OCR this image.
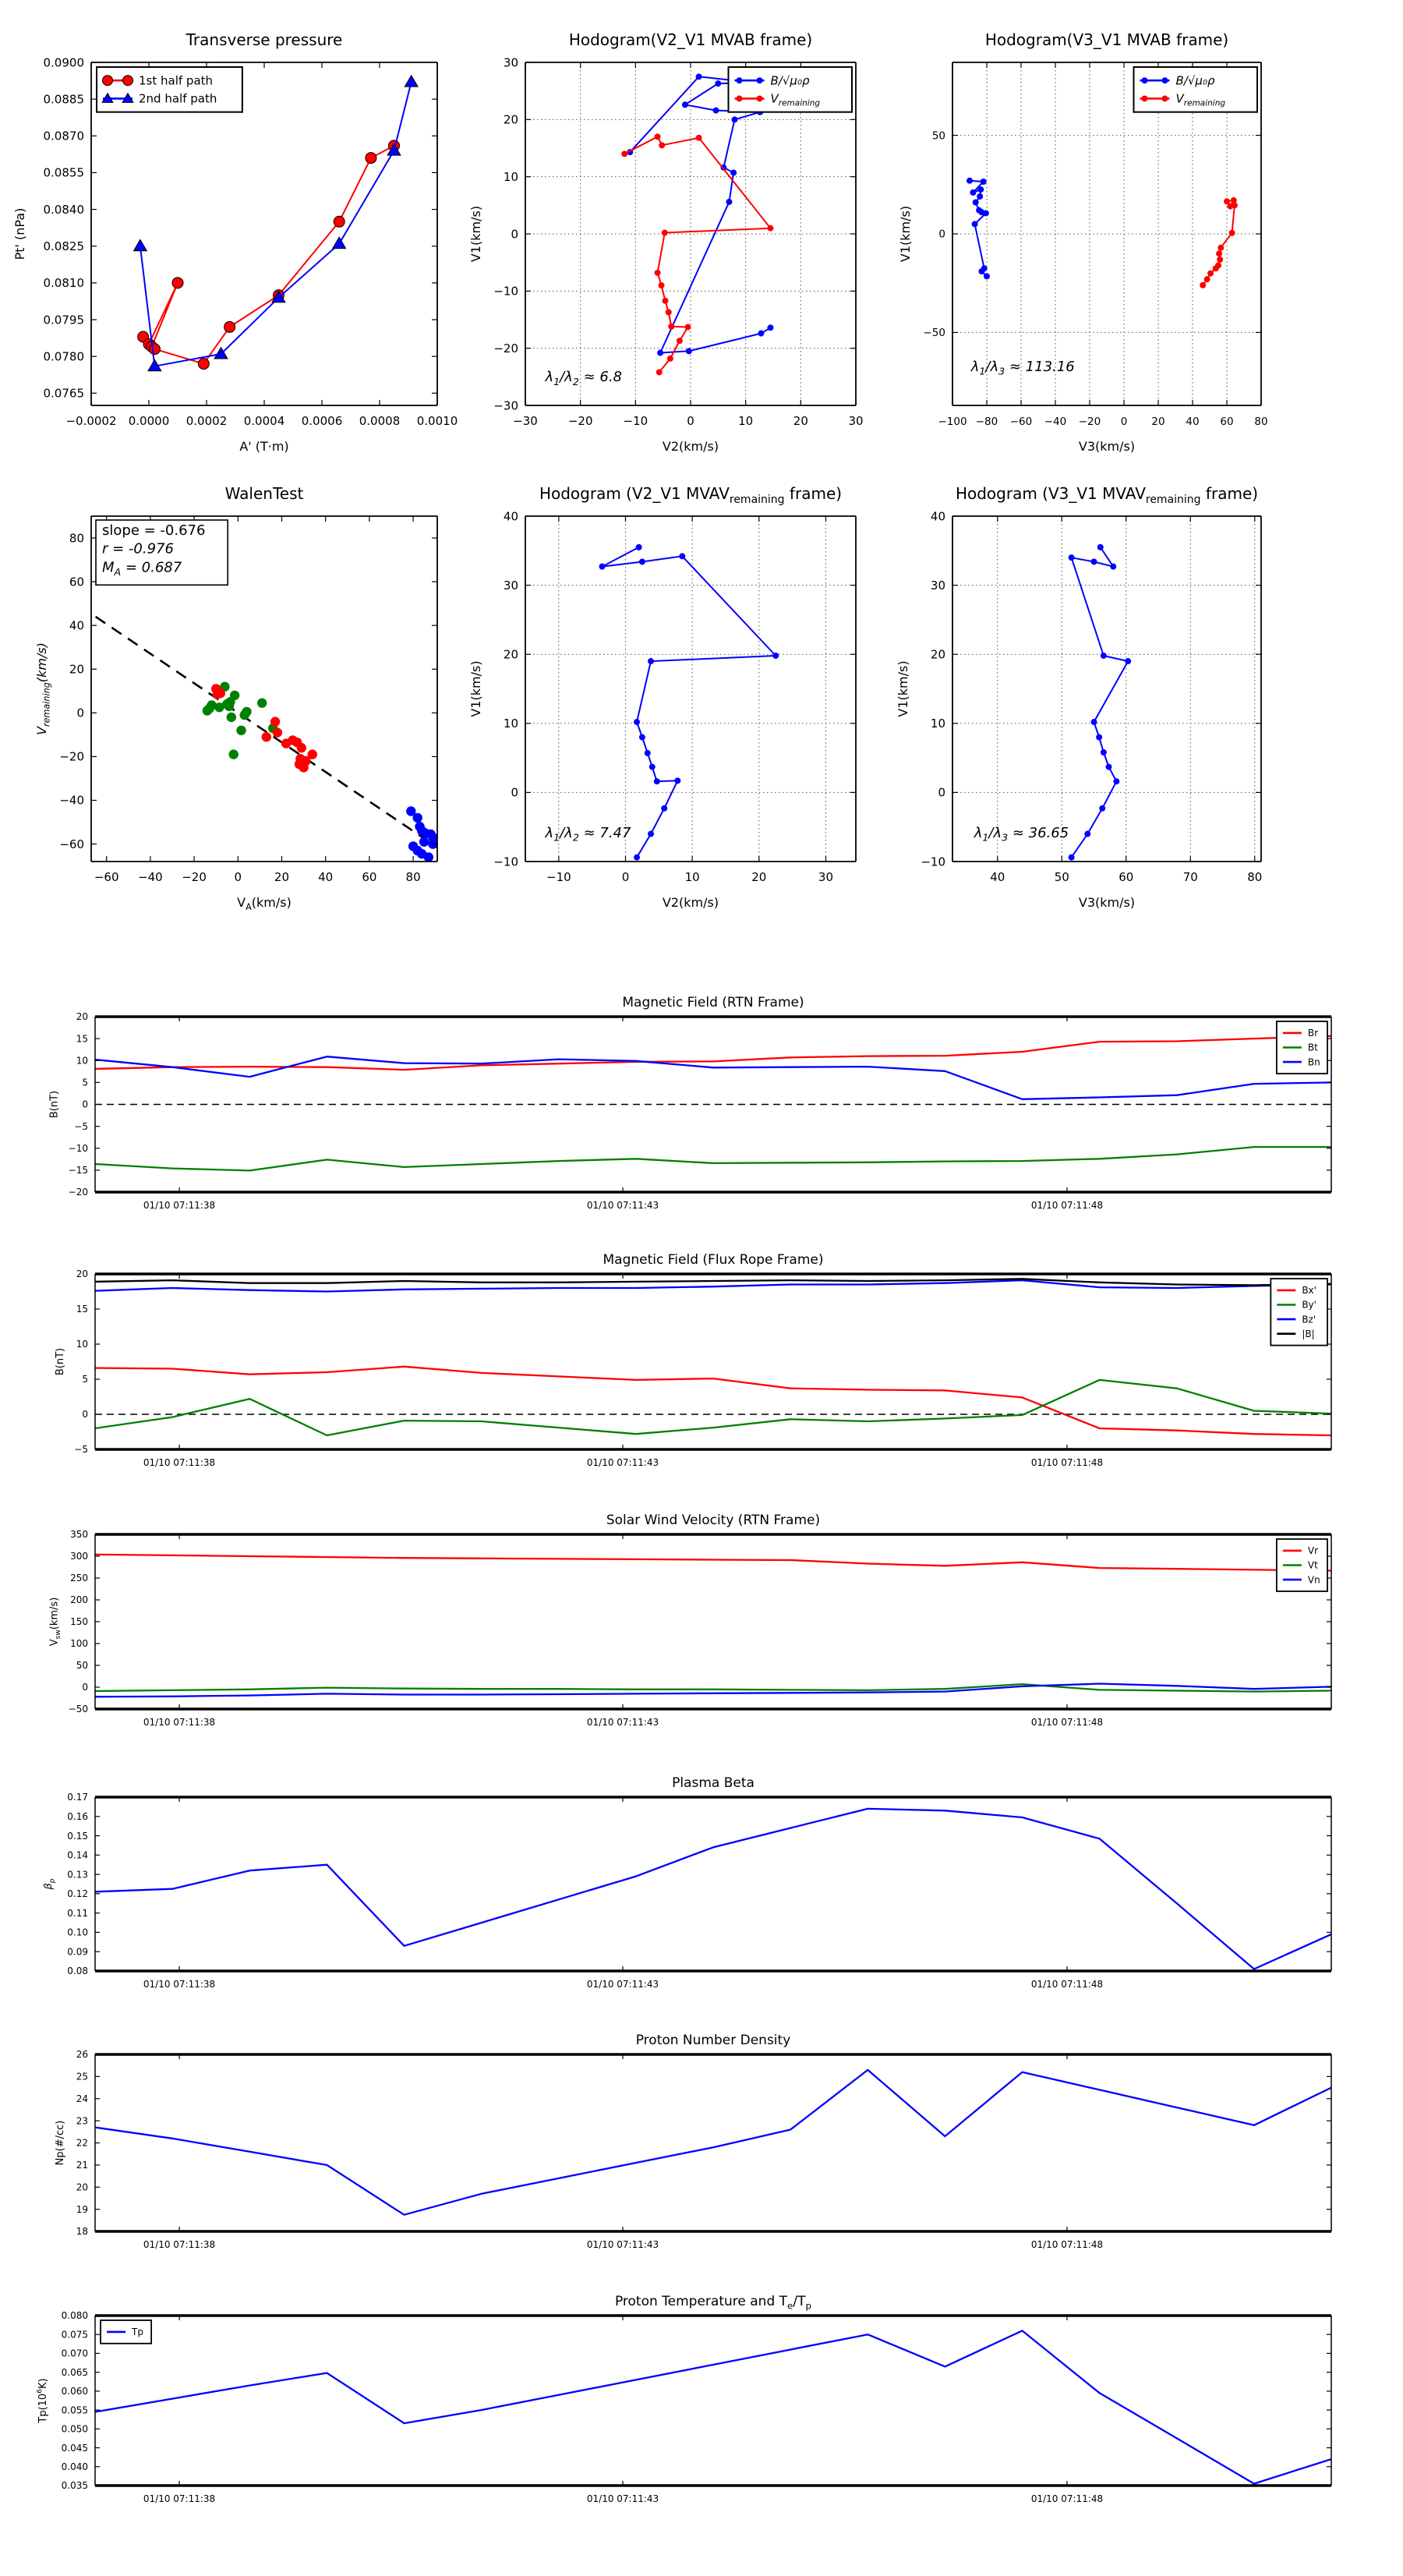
−0.0002 0.0000 0.0002 0.0004 0.0006 0.0008 0.0010
0.0765
0.0780
0.0795
0.0810
0.0825
0.0840
0.0855
0.0870
0.0885
0.0900
Transverse pressure
A' (T·m)
Pt' (nPa)
1st half path
2nd half path
−30	−20	−10	0	10	20	30
−30
−20
−10
0
10
20
30
Hodogram(V2_V1 MVAB frame)
V2(km/s)
V1(km/s)
$\lambda_1/\lambda_2 \approx 6.8$
B/√μ₀ρ
$V_{remaining}$
−100 −80 −60 −40 −20 0 20 40 60 80
−50
0
50
Hodogram(V3_V1 MVAB frame)
V3(km/s)
V1(km/s)
$\lambda_1/\lambda_3 \approx 113.16$
B/√μ₀ρ
$V_{remaining}$
−60 −40 −20 0	20 40 60 80
−60
−40
−20
0
20
40
60
80
WalenTest
$V_A(km/s)$
$V_{remaining}(km/s)$
slope = -0.676
r = -0.976
$M_A = 0.687$
−10	0	10	20	30
−10
0
10
20
30
40
Hodogram (V2_V1 $MVAV_{remaining}$ frame)
V2(km/s)
V1(km/s)
$\lambda_1/\lambda_2 \approx 7.47$
40	50	60	70	80
−10
0
10
20
30
40
Hodogram (V3_V1 $MVAV_{remaining}$ frame)
V3(km/s)
V1(km/s)
$\lambda_1/\lambda_3 \approx 36.65$
01/10 07:11:38	01/10 07:11:43	01/10 07:11:48
−20
−15
−10
−5
0
5
10
15
20
Magnetic Field (RTN Frame)
B(nT)
Br
Bt
Bn
01/10 07:11:38	01/10 07:11:43	01/10 07:11:48
−5
0
5
10
15
20
Magnetic Field (Flux Rope Frame)
B(nT)
Bx'
By'
Bz'
|B|
01/10 07:11:38	01/10 07:11:43	01/10 07:11:48
−50
0
50
100
150
200
250
300
350
Solar Wind Velocity (RTN Frame)
$V_{sw}(km/s)$
Vr
Vt
Vn
01/10 07:11:38	01/10 07:11:43	01/10 07:11:48
0.08
0.09
0.10
0.11
0.12
0.13
0.14
0.15
0.16
0.17
Plasma Beta
$\beta_p$
01/10 07:11:38	01/10 07:11:43	01/10 07:11:48
18
19
20
21
22
23
24
25
26
Proton Number Density
Np(#/cc)
01/10 07:11:38	01/10 07:11:43	01/10 07:11:48
0.035
0.040
0.045
0.050
0.055
0.060
0.065
0.070
0.075
0.080
Proton Temperature and $T_e/T_p$
$Tp(10^6K)$
Tp
